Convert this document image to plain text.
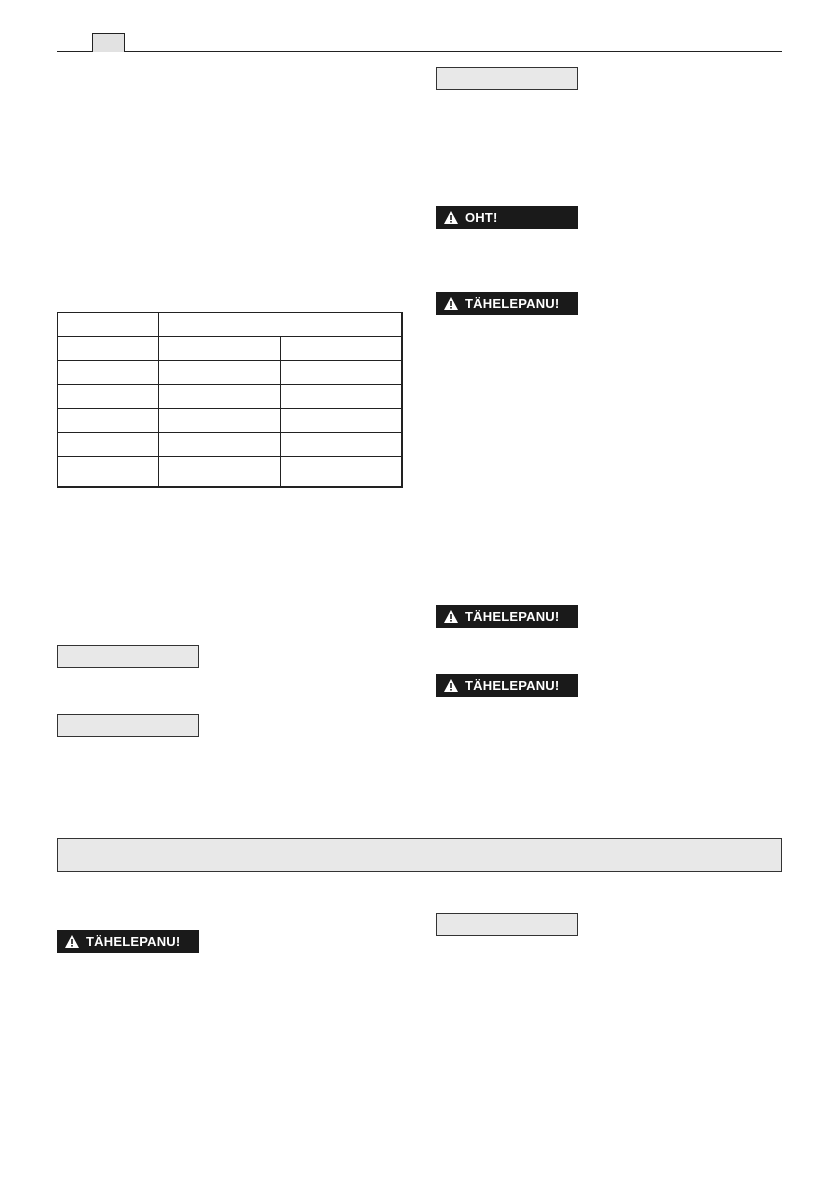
OHT!
TÄHELEPANU!
TÄHELEPANU!
TÄHELEPANU!

TÄHELEPANU!
